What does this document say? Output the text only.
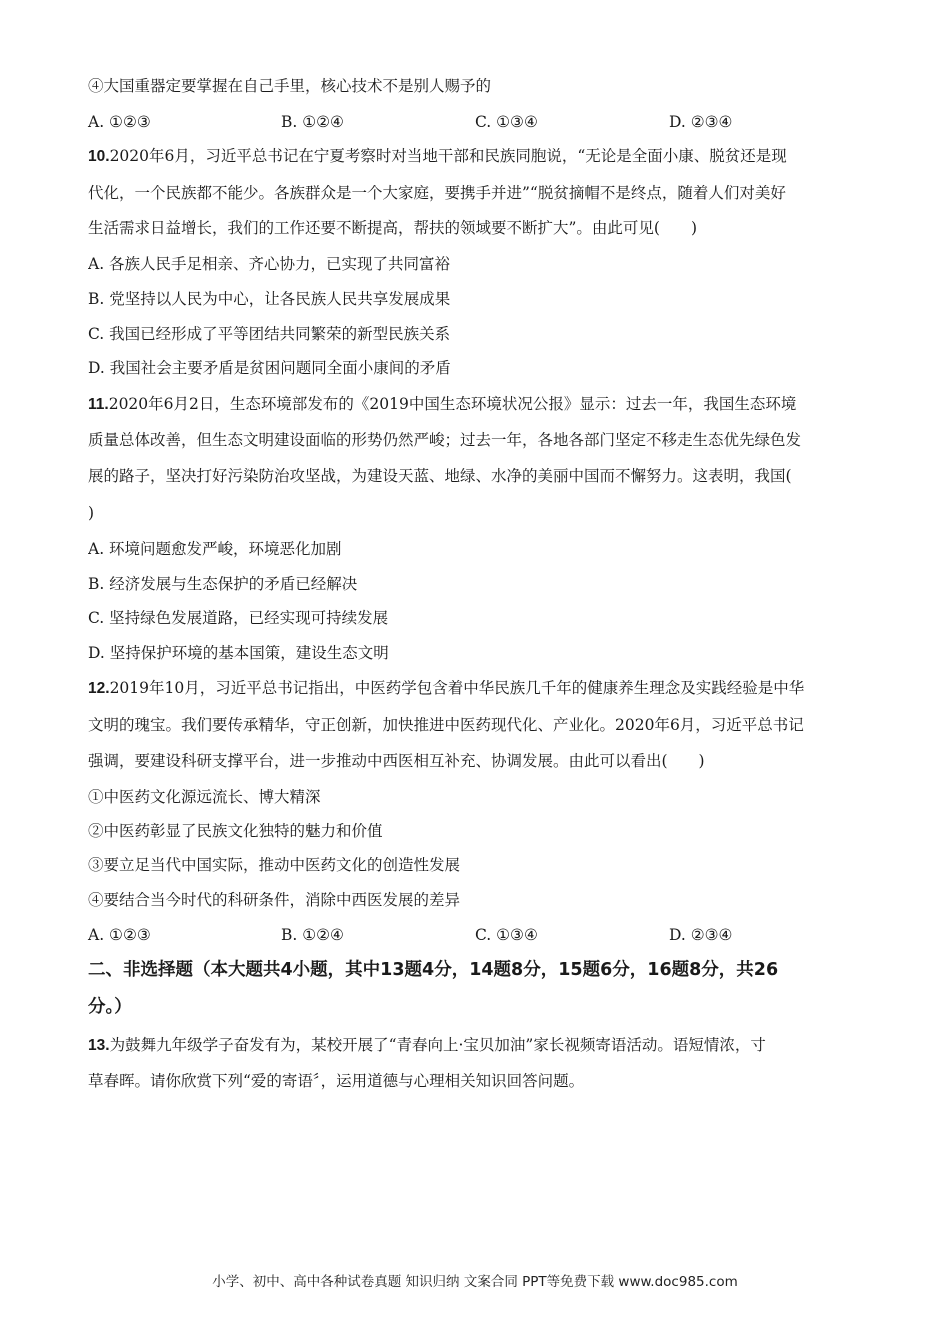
④大国重器定要掌握在自己手里，核心技术不是别人赐予的
A. ①②③	B. ①②④	C. ①③④	D. ②③④
10.2020年6月，习近平总书记在宁夏考察时对当地干部和民族同胞说，“无论是全面小康、脱贫还是现
代化，一个民族都不能少。各族群众是一个大家庭，要携手并进”“脱贫摘帽不是终点，随着人们对美好
生活需求日益增长，我们的工作还要不断提高，帮扶的领域要不断扩大”。由此可见(　　)
A. 各族人民手足相亲、齐心协力，已实现了共同富裕
B. 党坚持以人民为中心，让各民族人民共享发展成果
C. 我国已经形成了平等团结共同繁荣的新型民族关系
D. 我国社会主要矛盾是贫困问题同全面小康间的矛盾
11.2020年6月2日，生态环境部发布的《2019中国生态环境状况公报》显示：过去一年，我国生态环境
质量总体改善，但生态文明建设面临的形势仍然严峻；过去一年，各地各部门坚定不移走生态优先绿色发
展的路子，坚决打好污染防治攻坚战，为建设天蓝、地绿、水净的美丽中国而不懈努力。这表明，我国(
)
A. 环境问题愈发严峻，环境恶化加剧
B. 经济发展与生态保护的矛盾已经解决
C. 坚持绿色发展道路，已经实现可持续发展
D. 坚持保护环境的基本国策，建设生态文明
12.2019年10月，习近平总书记指出，中医药学包含着中华民族几千年的健康养生理念及实践经验是中华
文明的瑰宝。我们要传承精华，守正创新，加快推进中医药现代化、产业化。2020年6月，习近平总书记
强调，要建设科研支撑平台，进一步推动中西医相互补充、协调发展。由此可以看出(　　)
①中医药文化源远流长、博大精深
②中医药彰显了民族文化独特的魅力和价值
③要立足当代中国实际，推动中医药文化的创造性发展
④要结合当今时代的科研条件，消除中西医发展的差异
A. ①②③	B. ①②④	C. ①③④	D. ②③④
二、非选择题（本大题共4小题，其中13题4分，14题8分，15题6分，16题8分，共26
分。）
13.为鼓舞九年级学子奋发有为，某校开展了“青春向上·宝贝加油”家长视频寄语活动。语短情浓，寸
草春晖。请你欣赏下列“爱的寄语〞，运用道德与心理相关知识回答问题。
小学、初中、高中各种试卷真题 知识归纳 文案合同 PPT等免费下载 www.doc985.com
